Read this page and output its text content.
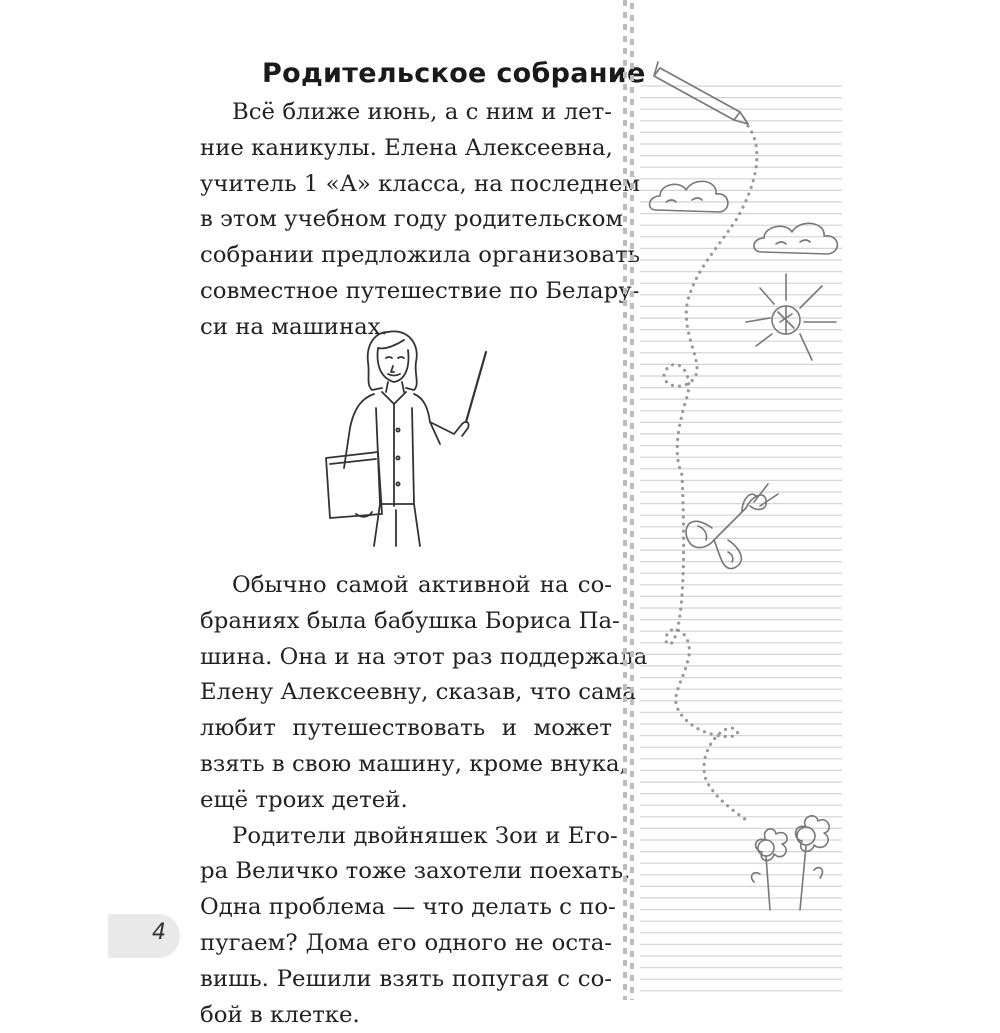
Родительское собрание

Всё ближе июнь, а с ним и лет-
ние каникулы. Елена Алексеевна,
учитель 1 «А» класса, на последнем
в этом учебном году родительском
собрании предложила организовать
совместное путешествие по Белару-
си на машинах.

Обычно самой активной на со-
браниях была бабушка Бориса Па-
шина. Она и на этот раз поддержала
Елену Алексеевну, сказав, что сама
любит путешествовать и может
взять в свою машину, кроме внука,
ещё троих детей.

Родители двойняшек Зои и Его-
ра Величко тоже захотели поехать.
Одна проблема — что делать с по-
пугаем? Дома его одного не оста-
вишь. Решили взять попугая с со-
бой в клетке.

4
